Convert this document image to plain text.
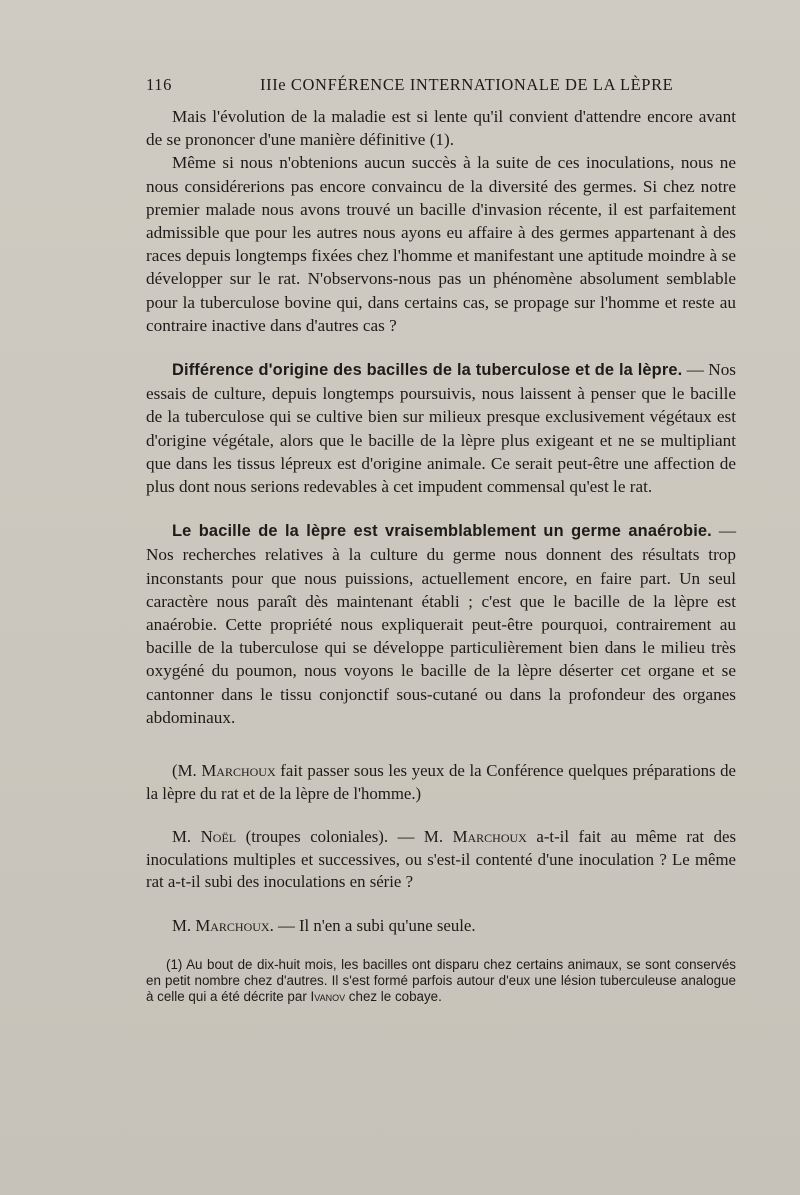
116	IIIe CONFÉRENCE INTERNATIONALE DE LA LÈPRE

Mais l'évolution de la maladie est si lente qu'il convient d'attendre encore avant de se prononcer d'une manière définitive (1).

Même si nous n'obtenions aucun succès à la suite de ces inoculations, nous ne nous considérerions pas encore convaincu de la diversité des germes. Si chez notre premier malade nous avons trouvé un bacille d'invasion récente, il est parfaitement admissible que pour les autres nous ayons eu affaire à des germes appartenant à des races depuis longtemps fixées chez l'homme et manifestant une aptitude moindre à se développer sur le rat. N'observons-nous pas un phénomène absolument semblable pour la tuberculose bovine qui, dans certains cas, se propage sur l'homme et reste au contraire inactive dans d'autres cas ?

Différence d'origine des bacilles de la tuberculose et de la lèpre. — Nos essais de culture, depuis longtemps poursuivis, nous laissent à penser que le bacille de la tuberculose qui se cultive bien sur milieux presque exclusivement végétaux est d'origine végétale, alors que le bacille de la lèpre plus exigeant et ne se multipliant que dans les tissus lépreux est d'origine animale. Ce serait peut-être une affection de plus dont nous serions redevables à cet impudent commensal qu'est le rat.

Le bacille de la lèpre est vraisemblablement un germe anaérobie. — Nos recherches relatives à la culture du germe nous donnent des résultats trop inconstants pour que nous puissions, actuellement encore, en faire part. Un seul caractère nous paraît dès maintenant établi ; c'est que le bacille de la lèpre est anaérobie. Cette propriété nous expliquerait peut-être pourquoi, contrairement au bacille de la tuberculose qui se développe particulièrement bien dans le milieu très oxygéné du poumon, nous voyons le bacille de la lèpre déserter cet organe et se cantonner dans le tissu conjonctif sous-cutané ou dans la profondeur des organes abdominaux.

(M. Marchoux fait passer sous les yeux de la Conférence quelques préparations de la lèpre du rat et de la lèpre de l'homme.)

M. Noël (troupes coloniales). — M. Marchoux a-t-il fait au même rat des inoculations multiples et successives, ou s'est-il contenté d'une inoculation ? Le même rat a-t-il subi des inoculations en série ?

M. Marchoux. — Il n'en a subi qu'une seule.

(1) Au bout de dix-huit mois, les bacilles ont disparu chez certains animaux, se sont conservés en petit nombre chez d'autres. Il s'est formé parfois autour d'eux une lésion tuberculeuse analogue à celle qui a été décrite par Ivanov chez le cobaye.
